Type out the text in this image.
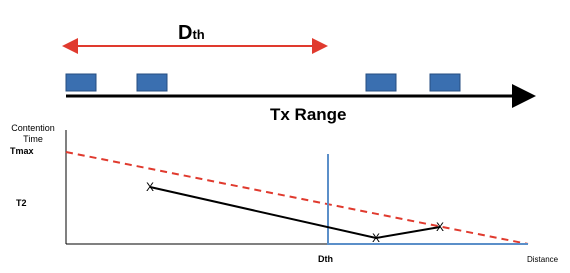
X
X
X
Dth
Tx Range
Contention
Time
Tmax
T2
Dth	Distance
